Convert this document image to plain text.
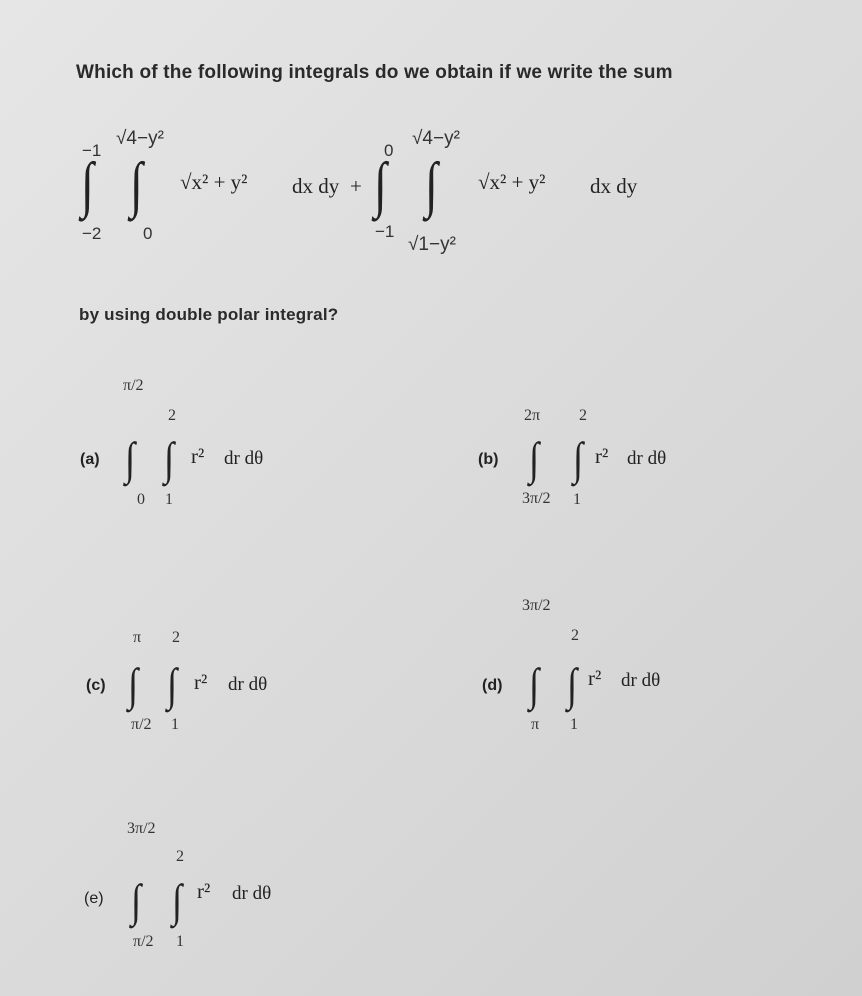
Which of the following integrals do we obtain if we write the sum
−1
∫
−2
√4−y²
∫
0
√x² + y² dx dy +
0
∫
−1
√4−y²
∫
√1−y²
√x² + y² dx dy
by using double polar integral?
(a)
π/2
∫
0
2
∫
1
r² dr dθ	(b)
2π
∫
3π/2
2
∫
1
r² dr dθ
(c)
π
∫
π/2
2
∫
1
r² dr dθ	(d)
3π/2
∫
π
2
∫
1
r² dr dθ
(e)
3π/2
∫
π/2
2
∫
1
r² dr dθ
